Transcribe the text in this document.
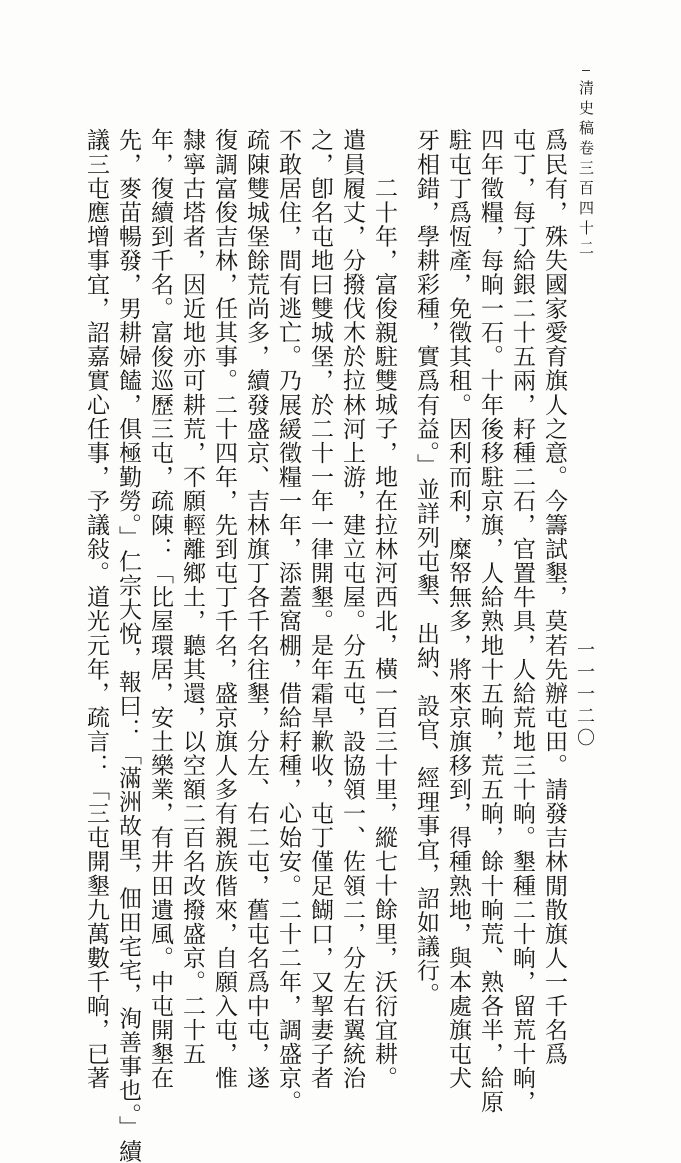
清史稿卷三百四十二
一一一二〇
爲民有，殊失國家愛育旗人之意。今籌試墾，莫若先辦屯田。請發吉林閒散旗人一千名爲
屯丁，每丁給銀二十五兩，耔種二石，官置牛具，人給荒地三十晌。墾種二十晌，留荒十晌，
四年徵糧，每晌一石。十年後移駐京旗，人給熟地十五晌，荒五晌，餘十晌荒、熟各半，給原
駐屯丁爲恆產，免徵其租。因利而利，糜帑無多，將來京旗移到，得種熟地，與本處旗屯犬
牙相錯，學耕彩種，實爲有益。」並詳列屯墾、出納、設官、經理事宜，詔如議行。
二十年，富俊親駐雙城子，地在拉林河西北，橫一百三十里，縱七十餘里，沃衍宜耕。
遣員履丈，分撥伐木於拉林河上游，建立屯屋。分五屯，設協領一、佐領二，分左右翼統治
之，卽名屯地曰雙城堡，於二十一年一律開墾。是年霜旱歉收，屯丁僅足餬口，又挈妻子者
不敢居住，間有逃亡。乃展緩徵糧一年，添蓋窩棚，借給耔種，心始安。二十二年，調盛京。
疏陳雙城堡餘荒尚多，續發盛京、吉林旗丁各千名往墾，分左、右二屯，舊屯名爲中屯，遂
復調富俊吉林，任其事。二十四年，先到屯丁千名，盛京旗人多有親族偕來，自願入屯，惟
隸寧古塔者，因近地亦可耕荒，不願輕離鄉土，聽其還，以空額二百名改撥盛京。二十五
年，復續到千名。富俊巡歷三屯，疏陳：「比屋環居，安土樂業，有井田遺風。中屯開墾在
先，麥苗暢發，男耕婦饁，俱極勤勞。」仁宗大悅，報曰：「滿洲故里，佃田宅宅，洵善事也。」續
議三屯應增事宜，詔嘉實心任事，予議敍。道光元年，疏言：「三屯開墾九萬數千晌，已著
